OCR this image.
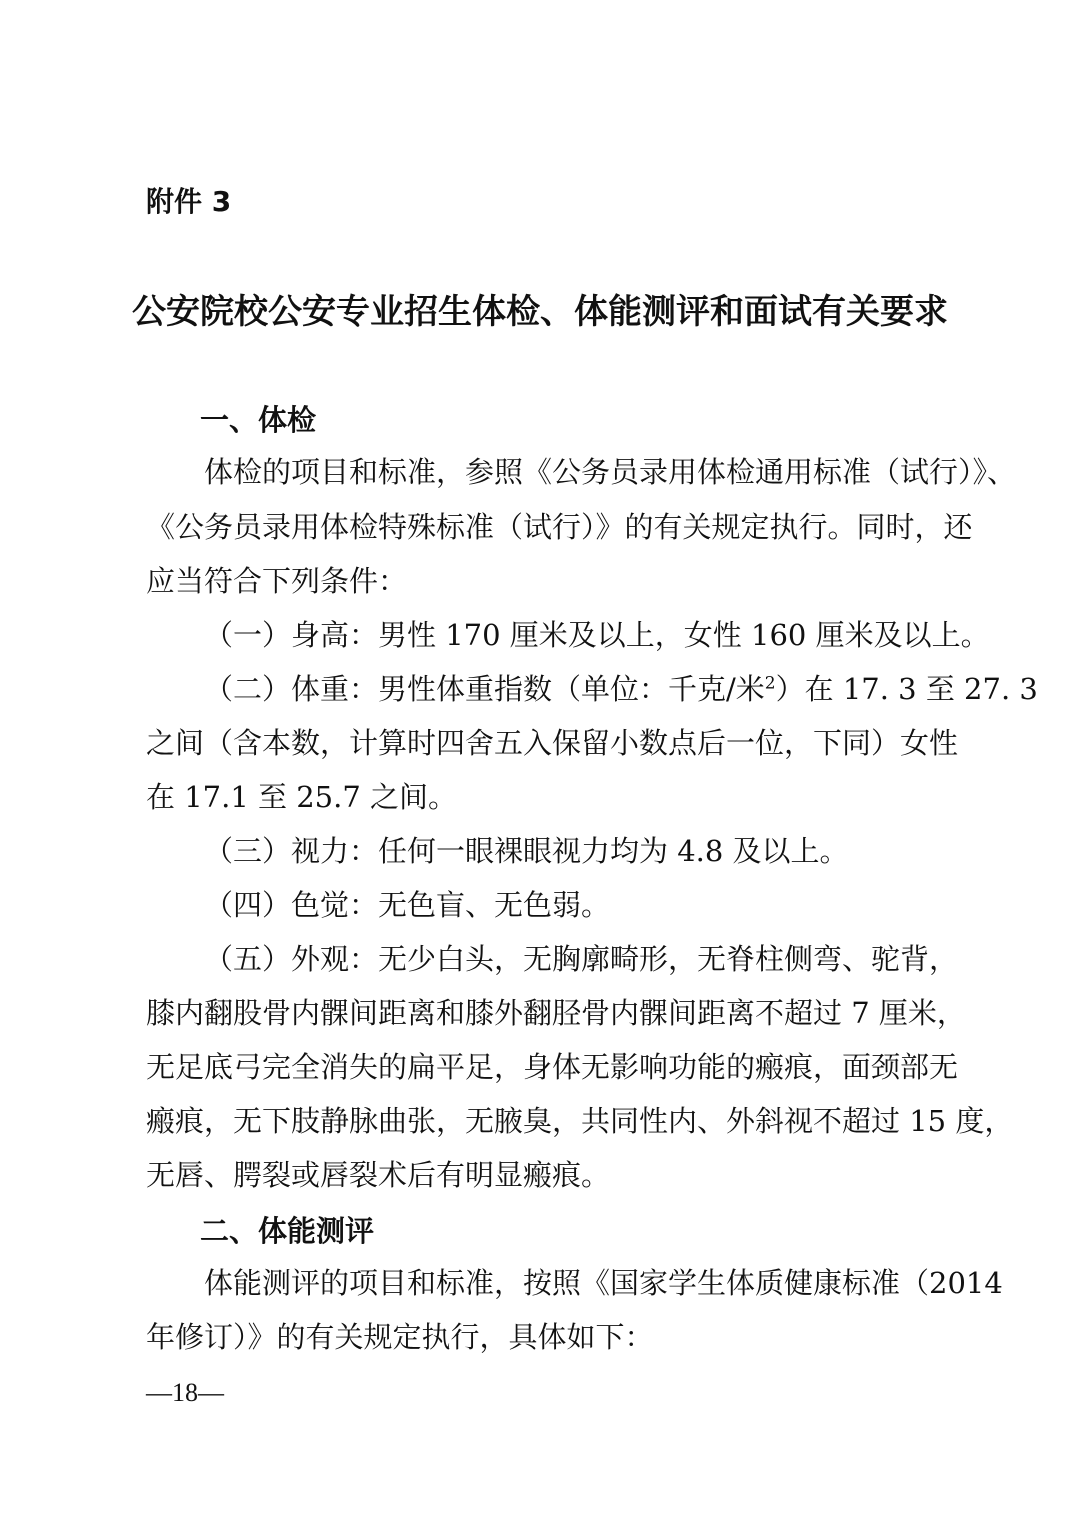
附件 3
公安院校公安专业招生体检、体能测评和面试有关要求
一、体检
体检的项目和标准，参照《公务员录用体检通用标准（试行）》、
《公务员录用体检特殊标准（试行）》的有关规定执行。同时，还
应当符合下列条件：
（一）身高：男性 170 厘米及以上，女性 160 厘米及以上。
（二）体重：男性体重指数（单位：千克/米$^2$）在 17. 3 至 27. 3
之间（含本数，计算时四舍五入保留小数点后一位，下同）女性
在 17.1 至 25.7 之间。
（三）视力：任何一眼裸眼视力均为 4.8 及以上。
（四）色觉：无色盲、无色弱。
（五）外观：无少白头，无胸廓畸形，无脊柱侧弯、驼背，
膝内翻股骨内髁间距离和膝外翻胫骨内髁间距离不超过 7 厘米，
无足底弓完全消失的扁平足，身体无影响功能的瘢痕，面颈部无
瘢痕，无下肢静脉曲张，无腋臭，共同性内、外斜视不超过 15 度，
无唇、腭裂或唇裂术后有明显瘢痕。
二、体能测评
体能测评的项目和标准，按照《国家学生体质健康标准（2014
年修订）》的有关规定执行，具体如下：
—18—
